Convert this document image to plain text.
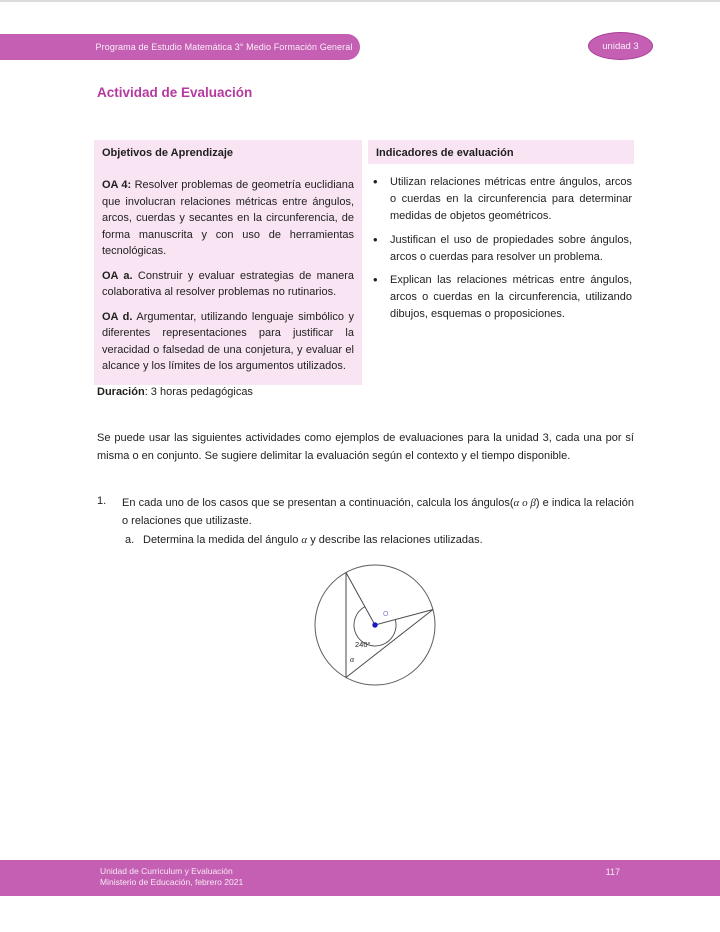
Programa de Estudio Matemática 3° Medio Formación General	unidad 3
Actividad de Evaluación
Objetivos de Aprendizaje

OA 4: Resolver problemas de geometría euclidiana que involucran relaciones métricas entre ángulos, arcos, cuerdas y secantes en la circunferencia, de forma manuscrita y con uso de herramientas tecnológicas.

OA a. Construir y evaluar estrategias de manera colaborativa al resolver problemas no rutinarios.

OA d. Argumentar, utilizando lenguaje simbólico y diferentes representaciones para justificar la veracidad o falsedad de una conjetura, y evaluar el alcance y los límites de los argumentos utilizados.

Indicadores de evaluación
• Utilizan relaciones métricas entre ángulos, arcos o cuerdas en la circunferencia para determinar medidas de objetos geométricos.
• Justifican el uso de propiedades sobre ángulos, arcos o cuerdas para resolver un problema.
• Explican las relaciones métricas entre ángulos, arcos o cuerdas en la circunferencia, utilizando dibujos, esquemas o proposiciones.

Duración: 3 horas pedagógicas

Se puede usar las siguientes actividades como ejemplos de evaluaciones para la unidad 3, cada una por sí misma o en conjunto. Se sugiere delimitar la evaluación según el contexto y el tiempo disponible.

1. En cada uno de los casos que se presentan a continuación, calcula los ángulos(α o β) e indica la relación o relaciones que utilizaste.

a. Determina la medida del ángulo α y describe las relaciones utilizadas.

O
240°
α
Unidad de Curriculum y Evaluación
Ministerio de Educación, febrero 2021
117
